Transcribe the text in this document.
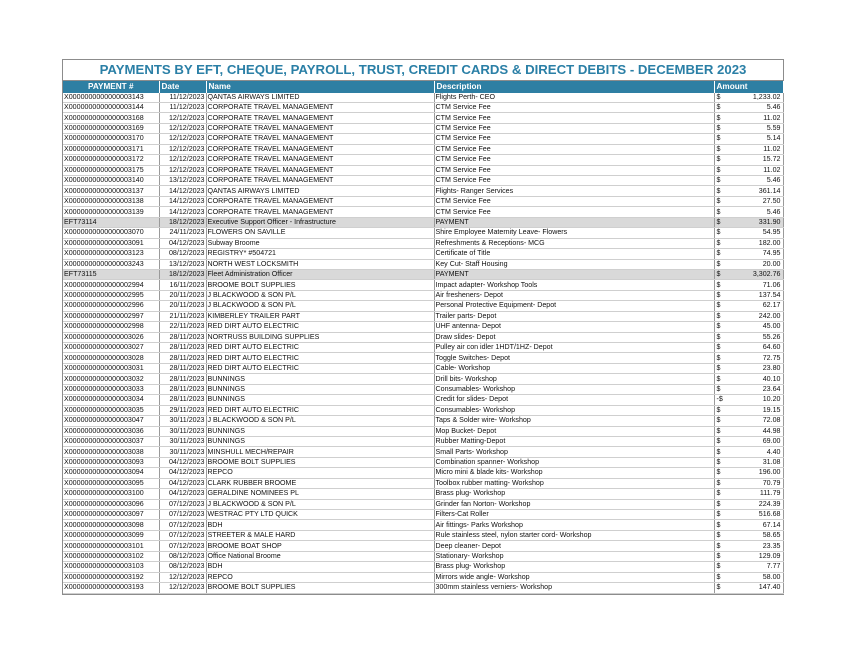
PAYMENTS BY EFT, CHEQUE, PAYROLL, TRUST, CREDIT CARDS & DIRECT DEBITS - DECEMBER 2023
PAYMENT #	Date	Name	Description	Amount
X0000000000000003143	11/12/2023	QANTAS AIRWAYS LIMITED	Flights Perth- CEO	$ 1,233.02

X0000000000000003144	11/12/2023	CORPORATE TRAVEL MANAGEMENT	CTM Service Fee	$ 5.46

X0000000000000003168	12/12/2023	CORPORATE TRAVEL MANAGEMENT	CTM Service Fee	$ 11.02

X0000000000000003169	12/12/2023	CORPORATE TRAVEL MANAGEMENT	CTM Service Fee	$ 5.59

X0000000000000003170	12/12/2023	CORPORATE TRAVEL MANAGEMENT	CTM Service Fee	$ 5.14

X0000000000000003171	12/12/2023	CORPORATE TRAVEL MANAGEMENT	CTM Service Fee	$ 11.02

X0000000000000003172	12/12/2023	CORPORATE TRAVEL MANAGEMENT	CTM Service Fee	$ 15.72

X0000000000000003175	12/12/2023	CORPORATE TRAVEL MANAGEMENT	CTM Service Fee	$ 11.02

X0000000000000003140	13/12/2023	CORPORATE TRAVEL MANAGEMENT	CTM Service Fee	$ 5.46

X0000000000000003137	14/12/2023	QANTAS AIRWAYS LIMITED	Flights- Ranger Services	$ 361.14

X0000000000000003138	14/12/2023	CORPORATE TRAVEL MANAGEMENT	CTM Service Fee	$ 27.50

X0000000000000003139	14/12/2023	CORPORATE TRAVEL MANAGEMENT	CTM Service Fee	$ 5.46

EFT73114	18/12/2023	Executive Support Officer - Infrastructure	PAYMENT	$ 331.90

X0000000000000003070	24/11/2023	FLOWERS ON SAVILLE	Shire Employee Maternity Leave- Flowers	$ 54.95

X0000000000000003091	04/12/2023	Subway Broome	Refreshments & Receptions- MCG	$ 182.00

X0000000000000003123	08/12/2023	REGISTRY* #504721	Certificate of Title	$ 74.95

X0000000000000003243	13/12/2023	NORTH WEST LOCKSMITH	Key Cut- Staff Housing	$ 20.00

EFT73115	18/12/2023	Fleet Administration Officer	PAYMENT	$ 3,302.76

X0000000000000002994	16/11/2023	BROOME BOLT SUPPLIES	Impact adapter- Workshop Tools	$ 71.06

X0000000000000002995	20/11/2023	J BLACKWOOD & SON P/L	Air fresheners- Depot	$ 137.54

X0000000000000002996	20/11/2023	J BLACKWOOD & SON P/L	Personal Protective Equipment- Depot	$ 62.17

X0000000000000002997	21/11/2023	KIMBERLEY TRAILER PART	Trailer parts- Depot	$ 242.00

X0000000000000002998	22/11/2023	RED DIRT AUTO ELECTRIC	UHF antenna- Depot	$ 45.00

X0000000000000003026	28/11/2023	NORTRUSS BUILDING SUPPLIES	Draw slides- Depot	$ 55.26

X0000000000000003027	28/11/2023	RED DIRT AUTO ELECTRIC	Pulley air con idler 1HDT/1HZ- Depot	$ 64.60

X0000000000000003028	28/11/2023	RED DIRT AUTO ELECTRIC	Toggle Switches- Depot	$ 72.75

X0000000000000003031	28/11/2023	RED DIRT AUTO ELECTRIC	Cable- Workshop	$ 23.80

X0000000000000003032	28/11/2023	BUNNINGS	Drill bits- Workshop	$ 40.10

X0000000000000003033	28/11/2023	BUNNINGS	Consumables- Workshop	$ 23.64

X0000000000000003034	28/11/2023	BUNNINGS	Credit for slides- Depot	-$ 10.20

X0000000000000003035	29/11/2023	RED DIRT AUTO ELECTRIC	Consumables- Workshop	$ 19.15

X0000000000000003047	30/11/2023	J BLACKWOOD & SON P/L	Taps & Solder wire- Workshop	$ 72.08

X0000000000000003036	30/11/2023	BUNNINGS	Mop Bucket- Depot	$ 44.98

X0000000000000003037	30/11/2023	BUNNINGS	Rubber Matting-Depot	$ 69.00

X0000000000000003038	30/11/2023	MINSHULL MECH/REPAIR	Small Parts- Workshop	$ 4.40

X0000000000000003093	04/12/2023	BROOME BOLT SUPPLIES	Combination spanner- Workshop	$ 31.08

X0000000000000003094	04/12/2023	REPCO	Micro mini & blade kits- Workshop	$ 196.00

X0000000000000003095	04/12/2023	CLARK RUBBER BROOME	Toolbox rubber matting- Workshop	$ 70.79

X0000000000000003100	04/12/2023	GERALDINE NOMINEES PL	Brass plug- Workshop	$ 111.79

X0000000000000003096	07/12/2023	J BLACKWOOD & SON P/L	Grinder fan Norton- Workshop	$ 224.39

X0000000000000003097	07/12/2023	WESTRAC PTY LTD QUICK	Filters-Cat Roller	$ 516.68

X0000000000000003098	07/12/2023	BDH	Air fittings- Parks Workshop	$ 67.14

X0000000000000003099	07/12/2023	STREETER & MALE HARD	Rule stainless steel, nylon starter cord- Workshop	$ 58.65

X0000000000000003101	07/12/2023	BROOME BOAT SHOP	Deep cleaner- Depot	$ 23.35

X0000000000000003102	08/12/2023	Office National Broome	Stationary- Workshop	$ 129.09

X0000000000000003103	08/12/2023	BDH	Brass plug- Workshop	$ 7.77

X0000000000000003192	12/12/2023	REPCO	Mirrors wide angle- Workshop	$ 58.00

X0000000000000003193	12/12/2023	BROOME BOLT SUPPLIES	300mm stainless verniers- Workshop	$ 147.40
